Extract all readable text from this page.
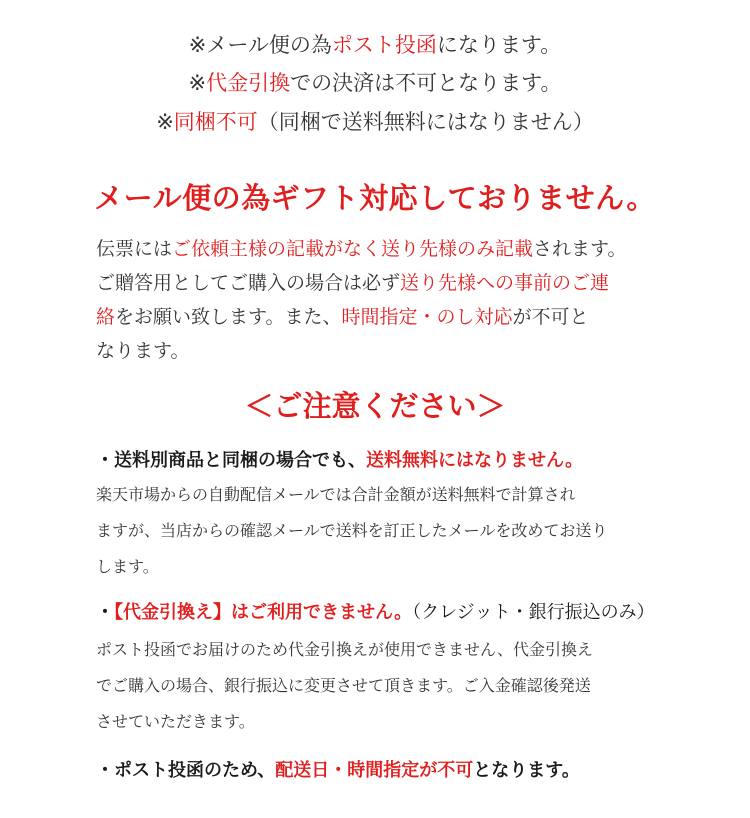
※メール便の為ポスト投函になります。
※代金引換での決済は不可となります。
※同梱不可（同梱で送料無料にはなりません）
メール便の為ギフト対応しておりません。
伝票にはご依頼主様の記載がなく送り先様のみ記載されます。
ご贈答用としてご購入の場合は必ず送り先様への事前のご連
絡をお願い致します。また、時間指定・のし対応が不可と
なります。
＜ご注意ください＞
・送料別商品と同梱の場合でも、送料無料にはなりません。
楽天市場からの自動配信メールでは合計金額が送料無料で計算され
ますが、当店からの確認メールで送料を訂正したメールを改めてお送り
します。
・【代金引換え】はご利用できません。（クレジット・銀行振込のみ）
ポスト投函でお届けのため代金引換えが使用できません、代金引換え
でご購入の場合、銀行振込に変更させて頂きます。ご入金確認後発送
させていただきます。
・ポスト投函のため、配送日・時間指定が不可となります。
